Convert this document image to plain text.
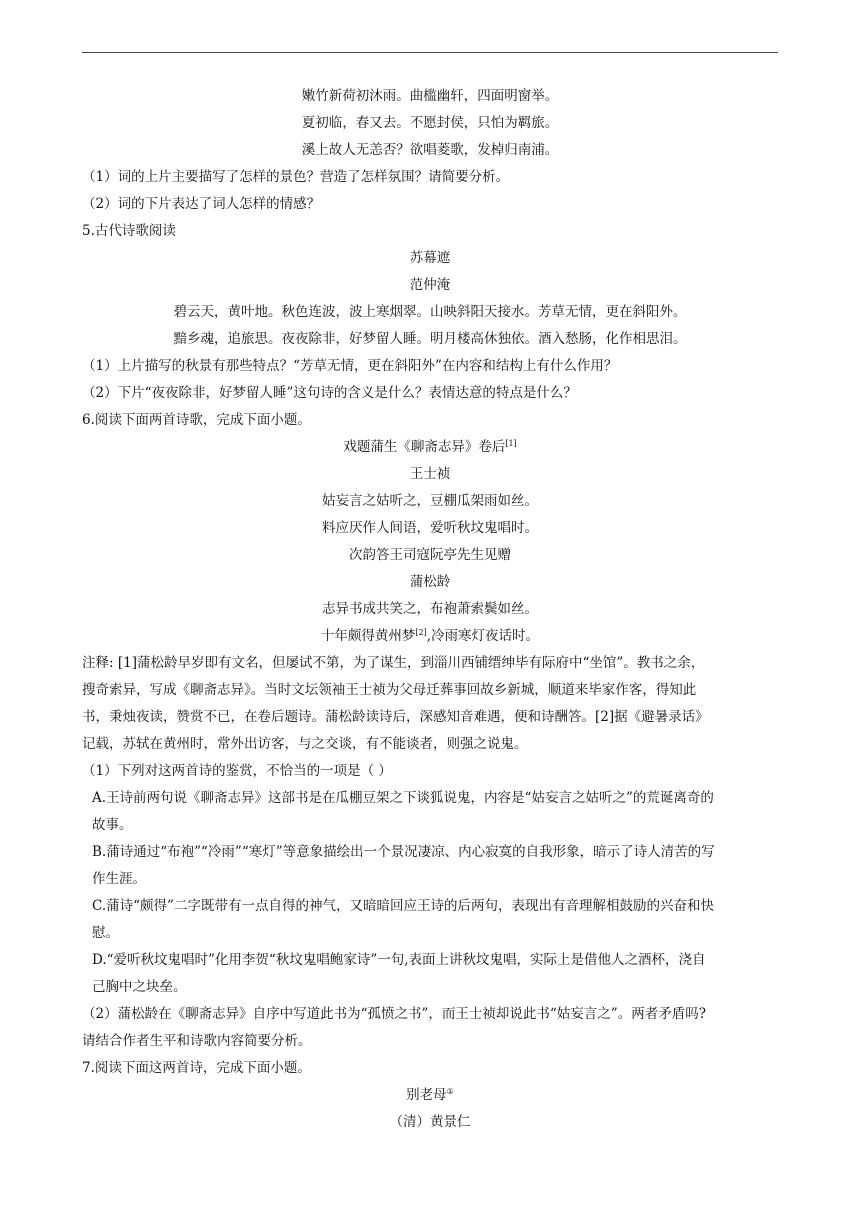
嫩竹新荷初沐雨。曲槛幽轩，四面明窗举。
夏初临，春又去。不愿封侯，只怕为羁旅。
溪上故人无恙否？欲唱菱歌，发棹归南浦。
（1）词的上片主要描写了怎样的景色？营造了怎样氛围？请简要分析。
（2）词的下片表达了词人怎样的情感？
5.古代诗歌阅读
苏幕遮
范仲淹
碧云天，黄叶地。秋色连波，波上寒烟翠。山映斜阳天接水。芳草无情，更在斜阳外。
黯乡魂，追旅思。夜夜除非，好梦留人睡。明月楼高休独依。酒入愁肠，化作相思泪。
（1）上片描写的秋景有那些特点？“芳草无情，更在斜阳外”在内容和结构上有什么作用？
（2）下片“夜夜除非，好梦留人睡”这句诗的含义是什么？表情达意的特点是什么？
6.阅读下面两首诗歌，完成下面小题。
戏题蒲生《聊斋志异》卷后[1]
王士祯
姑妄言之姑听之，豆棚瓜架雨如丝。
料应厌作人间语，爱听秋坟鬼唱时。
次韵答王司寇阮亭先生见赠
蒲松龄
志异书成共笑之，布袍萧索鬓如丝。
十年颇得黄州梦[2],冷雨寒灯夜话时。
注释: [1]蒲松龄早岁即有文名，但屡试不第，为了谋生，到淄川西铺缙绅毕有际府中“坐馆”。教书之余，
搜奇索异，写成《聊斋志异》。当时文坛领袖王士祯为父母迁葬事回故乡新城，顺道来毕家作客，得知此
书，秉烛夜读，赞赏不已，在卷后题诗。蒲松龄读诗后，深感知音难遇，便和诗酬答。[2]据《避暑录话》
记载，苏轼在黄州时，常外出访客，与之交谈，有不能谈者，则强之说鬼。
（1）下列对这两首诗的鉴赏，不恰当的一项是（ ）
A.王诗前两句说《聊斋志异》这部书是在瓜棚豆架之下谈狐说鬼，内容是“姑妄言之姑听之”的荒诞离奇的
故事。
B.蒲诗通过“布袍”“冷雨”“寒灯”等意象描绘出一个景况凄凉、内心寂寞的自我形象，暗示了诗人清苦的写
作生涯。
C.蒲诗“颇得”二字既带有一点自得的神气，又暗暗回应王诗的后两句，表现出有音理解相鼓励的兴奋和快
慰。
D.“爱听秋坟鬼唱时”化用李贺“秋坟鬼唱鲍家诗”一句,表面上讲秋坟鬼唱，实际上是借他人之酒杯，浇自
己胸中之块垒。
（2）蒲松龄在《聊斋志异》自序中写道此书为“孤愤之书”，而王士祯却说此书“姑妄言之”。两者矛盾吗?
请结合作者生平和诗歌内容简要分析。
7.阅读下面这两首诗，完成下面小题。
别老母①
（清）黄景仁
